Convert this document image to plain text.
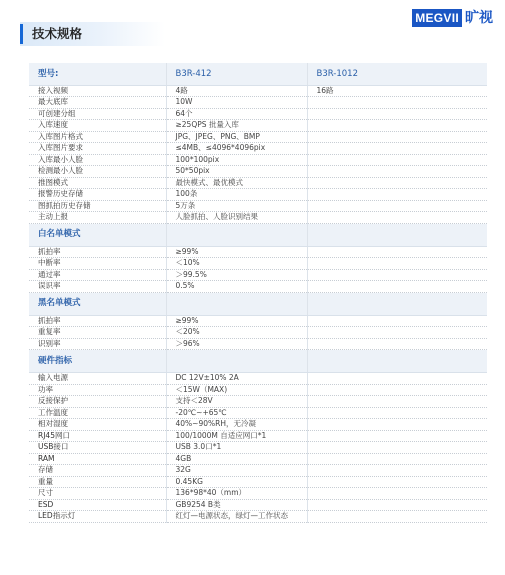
MEGVII 旷视
技术规格
型号:	B3R-412	B3R-1012
接入视频	4路	16路
最大底库	10W	
可创建分组	64个	
入库速度	≥25QPS 批量入库	
入库图片格式	JPG、JPEG、PNG、BMP	
入库图片要求	≤4MB、≤4096*4096pix	
入库最小人脸	100*100pix	
检测最小人脸	50*50pix	
推图模式	最快模式、最优模式	
报警历史存储	100条	
图抓拍历史存储	5万条	
主动上报	人脸抓拍、人脸识别结果	
白名单模式		
抓拍率	≥99%	
中断率	＜10%	
通过率	＞99.5%	
误识率	0.5%	
黑名单模式		
抓拍率	≥99%	
重复率	＜20%	
识别率	＞96%	
硬件指标		
输入电源	DC 12V±10% 2A	
功率	＜15W（MAX)	
反接保护	支持＜28V	
工作温度	-20℃~+65℃	
相对湿度	40%~90%RH，无冷凝	
RJ45网口	100/1000M 自适应网口*1	
USB接口	USB 3.0口*1	
RAM	4GB	
存储	32G	
重量	0.45KG	
尺寸	136*98*40（mm）	
ESD	GB9254 B类	
LED指示灯	红灯—电源状态，绿灯—工作状态	
